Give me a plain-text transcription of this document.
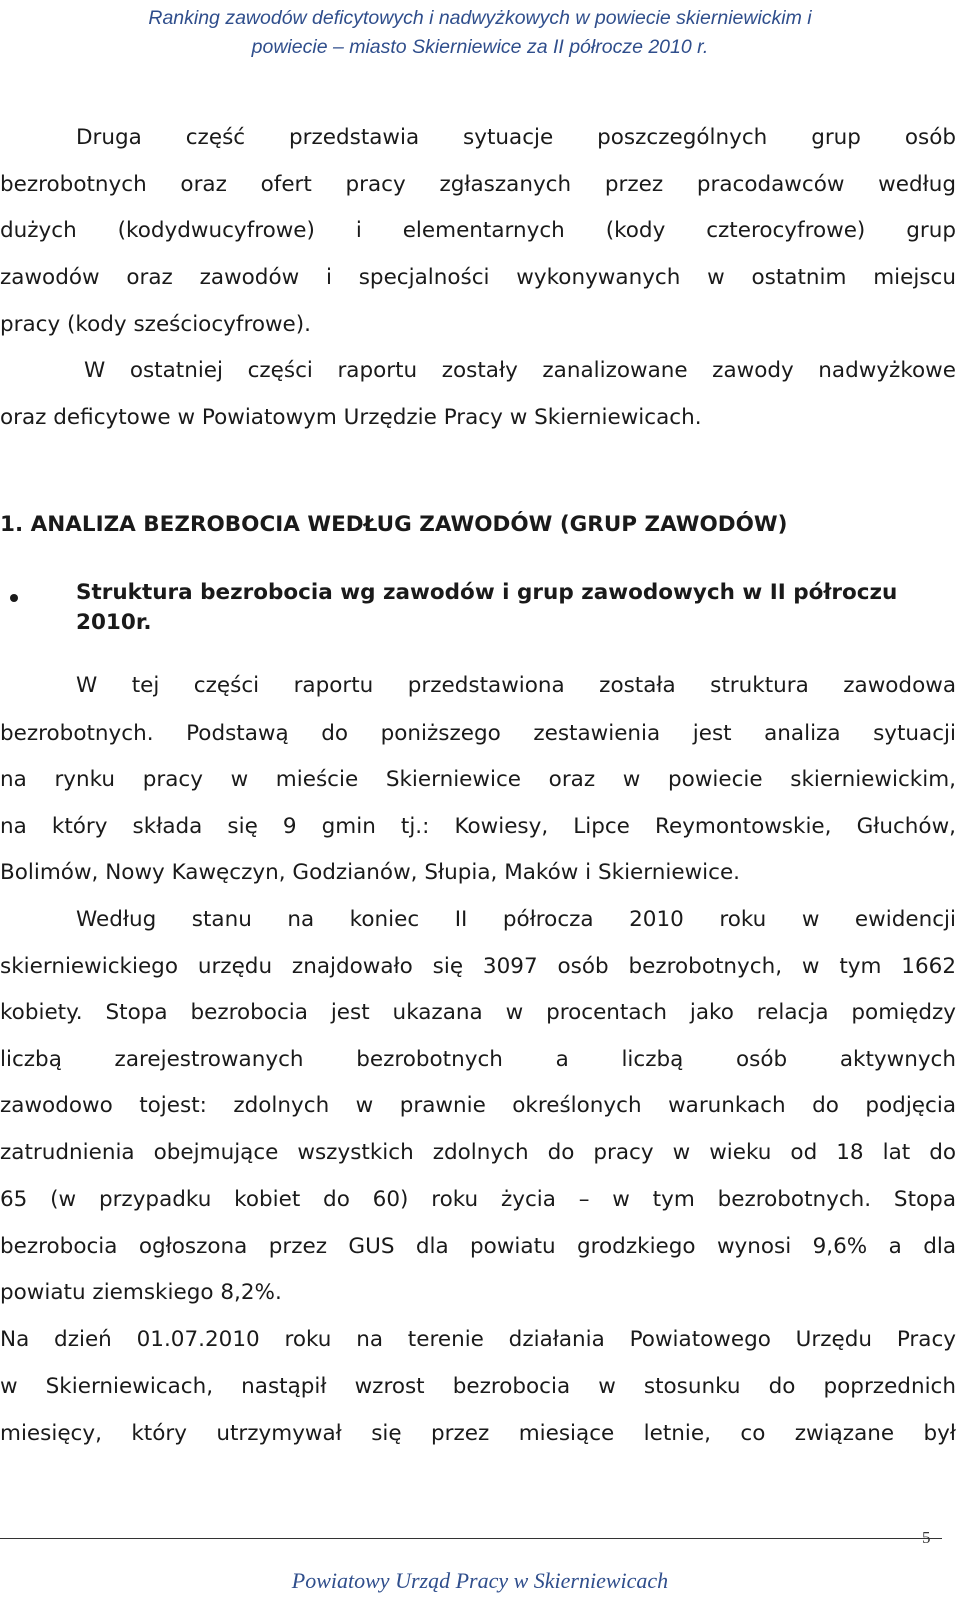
Ranking zawodów deficytowych i nadwyżkowych w powiecie skierniewickim i
powiecie – miasto Skierniewice za II półrocze 2010 r.
Druga część przedstawia sytuacje poszczególnych grup osób
bezrobotnych oraz ofert pracy zgłaszanych przez pracodawców według
dużych (kodydwucyfrowe) i elementarnych (kody czterocyfrowe) grup
zawodów oraz zawodów i specjalności wykonywanych w ostatnim miejscu
pracy (kody sześciocyfrowe).
W ostatniej części raportu zostały zanalizowane zawody nadwyżkowe
oraz deficytowe w Powiatowym Urzędzie Pracy w Skierniewicach.
1. ANALIZA BEZROBOCIA WEDŁUG ZAWODÓW (GRUP ZAWODÓW)
Struktura bezrobocia wg zawodów i grup zawodowych w II półroczu
2010r.
W tej części raportu przedstawiona została struktura zawodowa
bezrobotnych. Podstawą do poniższego zestawienia jest analiza sytuacji
na rynku pracy w mieście Skierniewice oraz w powiecie skierniewickim,
na który składa się 9 gmin tj.: Kowiesy, Lipce Reymontowskie, Głuchów,
Bolimów, Nowy Kawęczyn, Godzianów, Słupia, Maków i Skierniewice.
Według stanu na koniec II półrocza 2010 roku w ewidencji
skierniewickiego urzędu znajdowało się 3097 osób bezrobotnych, w tym 1662
kobiety. Stopa bezrobocia jest ukazana w procentach jako relacja pomiędzy
liczbą zarejestrowanych bezrobotnych a liczbą osób aktywnych
zawodowo tojest: zdolnych w prawnie określonych warunkach do podjęcia
zatrudnienia obejmujące wszystkich zdolnych do pracy w wieku od 18 lat do
65 (w przypadku kobiet do 60) roku życia – w tym bezrobotnych. Stopa
bezrobocia ogłoszona przez GUS dla powiatu grodzkiego wynosi 9,6% a dla
powiatu ziemskiego 8,2%.
Na dzień 01.07.2010 roku na terenie działania Powiatowego Urzędu Pracy
w Skierniewicach, nastąpił wzrost bezrobocia w stosunku do poprzednich
miesięcy, który utrzymywał się przez miesiące letnie, co związane był
5
Powiatowy Urząd Pracy w Skierniewicach
